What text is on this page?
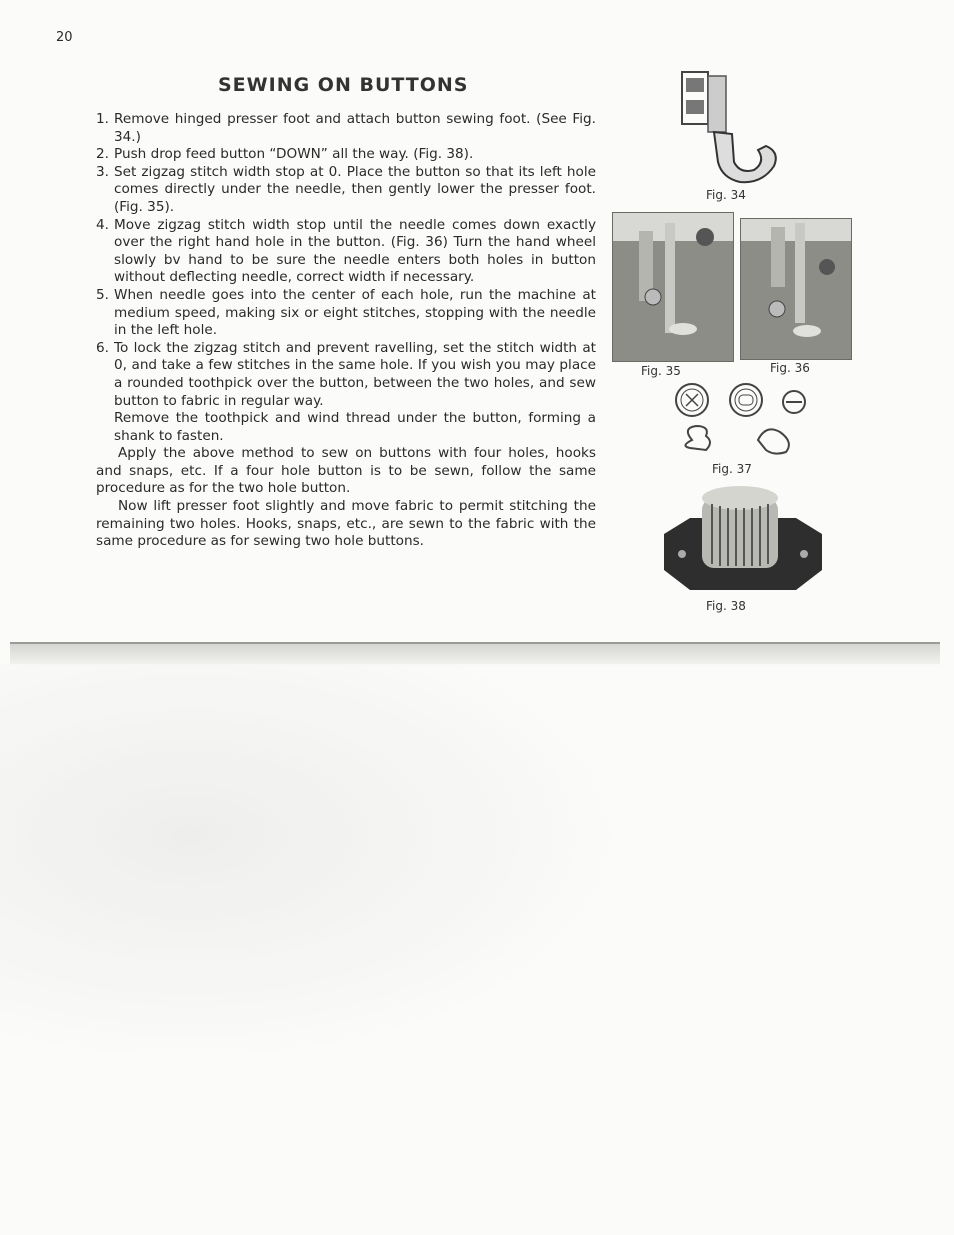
20
SEWING ON BUTTONS
1. Remove hinged presser foot and attach button sewing foot. (See Fig. 34.)
2. Push drop feed button “DOWN” all the way. (Fig. 38).
3. Set zigzag stitch width stop at 0. Place the button so that its left hole comes directly under the needle, then gently lower the presser foot. (Fig. 35).
4. Move zigzag stitch width stop until the needle comes down exactly over the right hand hole in the button. (Fig. 36) Turn the hand wheel slowly bv hand to be sure the needle enters both holes in button without deflecting needle, correct width if necessary.
5. When needle goes into the center of each hole, run the machine at medium speed, making six or eight stitches, stopping with the needle in the left hole.
6. To lock the zigzag stitch and prevent ravelling, set the stitch width at 0, and take a few stitches in the same hole. If you wish you may place a rounded toothpick over the button, between the two holes, and sew button to fabric in regular way.
Remove the toothpick and wind thread under the button, forming a shank to fasten.

Apply the above method to sew on buttons with four holes, hooks and snaps, etc. If a four hole button is to be sewn, follow the same procedure as for the two hole button.

Now lift presser foot slightly and move fabric to permit stitching the remaining two holes. Hooks, snaps, etc., are sewn to the fabric with the same procedure as for sewing two hole buttons.

Fig. 34
Fig. 35	Fig. 36
Fig. 37
Fig. 38
